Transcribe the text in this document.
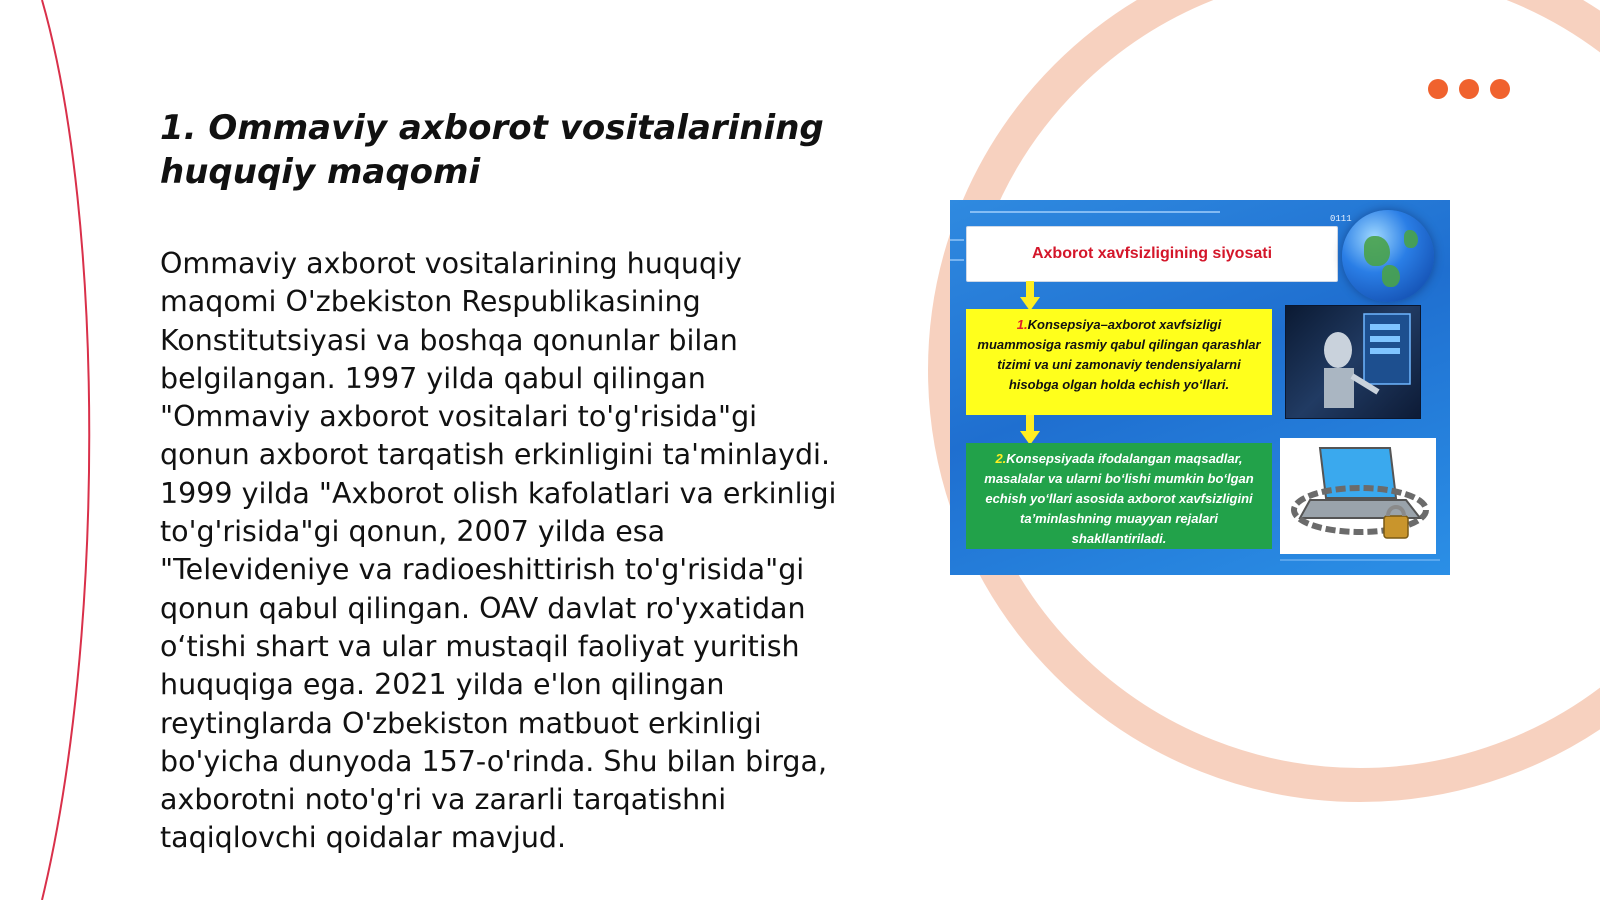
1. Ommaviy axborot vositalarining huquqiy maqomi

Ommaviy axborot vositalarining huquqiy maqomi O'zbekiston Respublikasining Konstitutsiyasi va boshqa qonunlar bilan belgilangan. 1997 yilda qabul qilingan "Ommaviy axborot vositalari to'g'risida"gi qonun axborot tarqatish erkinligini ta'minlaydi. 1999 yilda "Axborot olish kafolatlari va erkinligi to'g'risida"gi qonun, 2007 yilda esa "Televideniye va radioeshittirish to'g'risida"gi qonun qabul qilingan. OAV davlat ro'yxatidan o‘tishi shart va ular mustaqil faoliyat yuritish huquqiga ega. 2021 yilda e'lon qilingan reytinglarda O'zbekiston matbuot erkinligi bo'yicha dunyoda 157-o'rinda. Shu bilan birga, axborotni noto'g'ri va zararli tarqatishni taqiqlovchi qoidalar mavjud.

0111
Axborot xavfsizligining siyosati
1.Konsepsiya–axborot xavfsizligi muammosiga rasmiy qabul qilingan qarashlar tizimi va uni zamonaviy tendensiyalarni hisobga olgan holda echish yo‘llari.
2.Konsepsiyada ifodalangan maqsadlar, masalalar va ularni bo‘lishi mumkin bo‘lgan echish yo‘llari asosida axborot xavfsizligini ta’minlashning muayyan rejalari shakllantiriladi.
